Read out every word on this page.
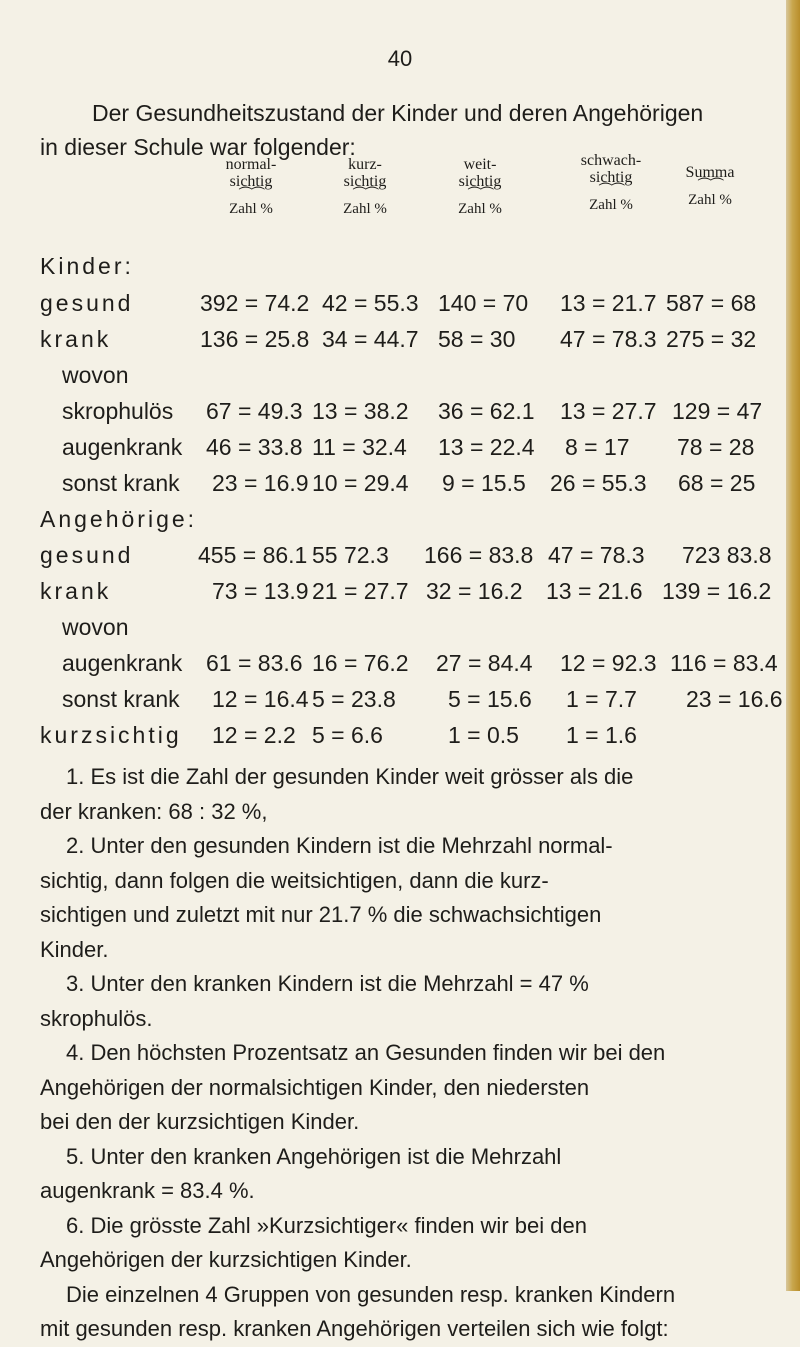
40
Der Gesundheitszustand der Kinder und deren Angehörigen
in dieser Schule war folgender:
normal-
sichtig
⏜⏜
Zahl %
kurz-
sichtig
⏜⏜
Zahl %
weit-
sichtig
⏜⏜
Zahl %
schwach-
sichtig
⏜⏜
Zahl %
Summa

⏜⏜
Zahl %
Kinder:
gesund	392 = 74.2 42 = 55.3 140 = 70 13 = 21.7 587 = 68
krank	136 = 25.8 34 = 44.7 58 = 30 47 = 78.3 275 = 32
wovon
skrophulös 67 = 49.3 13 = 38.2 36 = 62.1 13 = 27.7 129 = 47
augenkrank 46 = 33.8 11 = 32.4 13 = 22.4 8 = 17 78 = 28
sonst krank 23 = 16.9 10 = 29.4 9 = 15.5 26 = 55.3 68 = 25
Angehörige:
gesund	455 = 86.1 55 72.3 166 = 83.8 47 = 78.3 723 83.8
krank	73 = 13.9 21 = 27.7 32 = 16.2 13 = 21.6 139 = 16.2
wovon
augenkrank 61 = 83.6 16 = 76.2 27 = 84.4 12 = 92.3 116 = 83.4
sonst krank 12 = 16.4 5 = 23.8 5 = 15.6 1 = 7.7 23 = 16.6
kurzsichtig 12 = 2.2 5 = 6.6	1 = 0.5 1 = 1.6

1. Es ist die Zahl der gesunden Kinder weit grösser als die

der kranken: 68 : 32 %,

2. Unter den gesunden Kindern ist die Mehrzahl normal-

sichtig, dann folgen die weitsichtigen, dann die kurz-

sichtigen und zuletzt mit nur 21.7 % die schwachsichtigen

Kinder.

3. Unter den kranken Kindern ist die Mehrzahl = 47 %

skrophulös.

4. Den höchsten Prozentsatz an Gesunden finden wir bei den

Angehörigen der normalsichtigen Kinder, den niedersten

bei den der kurzsichtigen Kinder.

5. Unter den kranken Angehörigen ist die Mehrzahl

augenkrank = 83.4 %.

6. Die grösste Zahl »Kurzsichtiger« finden wir bei den

Angehörigen der kurzsichtigen Kinder.

Die einzelnen 4 Gruppen von gesunden resp. kranken Kindern

mit gesunden resp. kranken Angehörigen verteilen sich wie folgt:
